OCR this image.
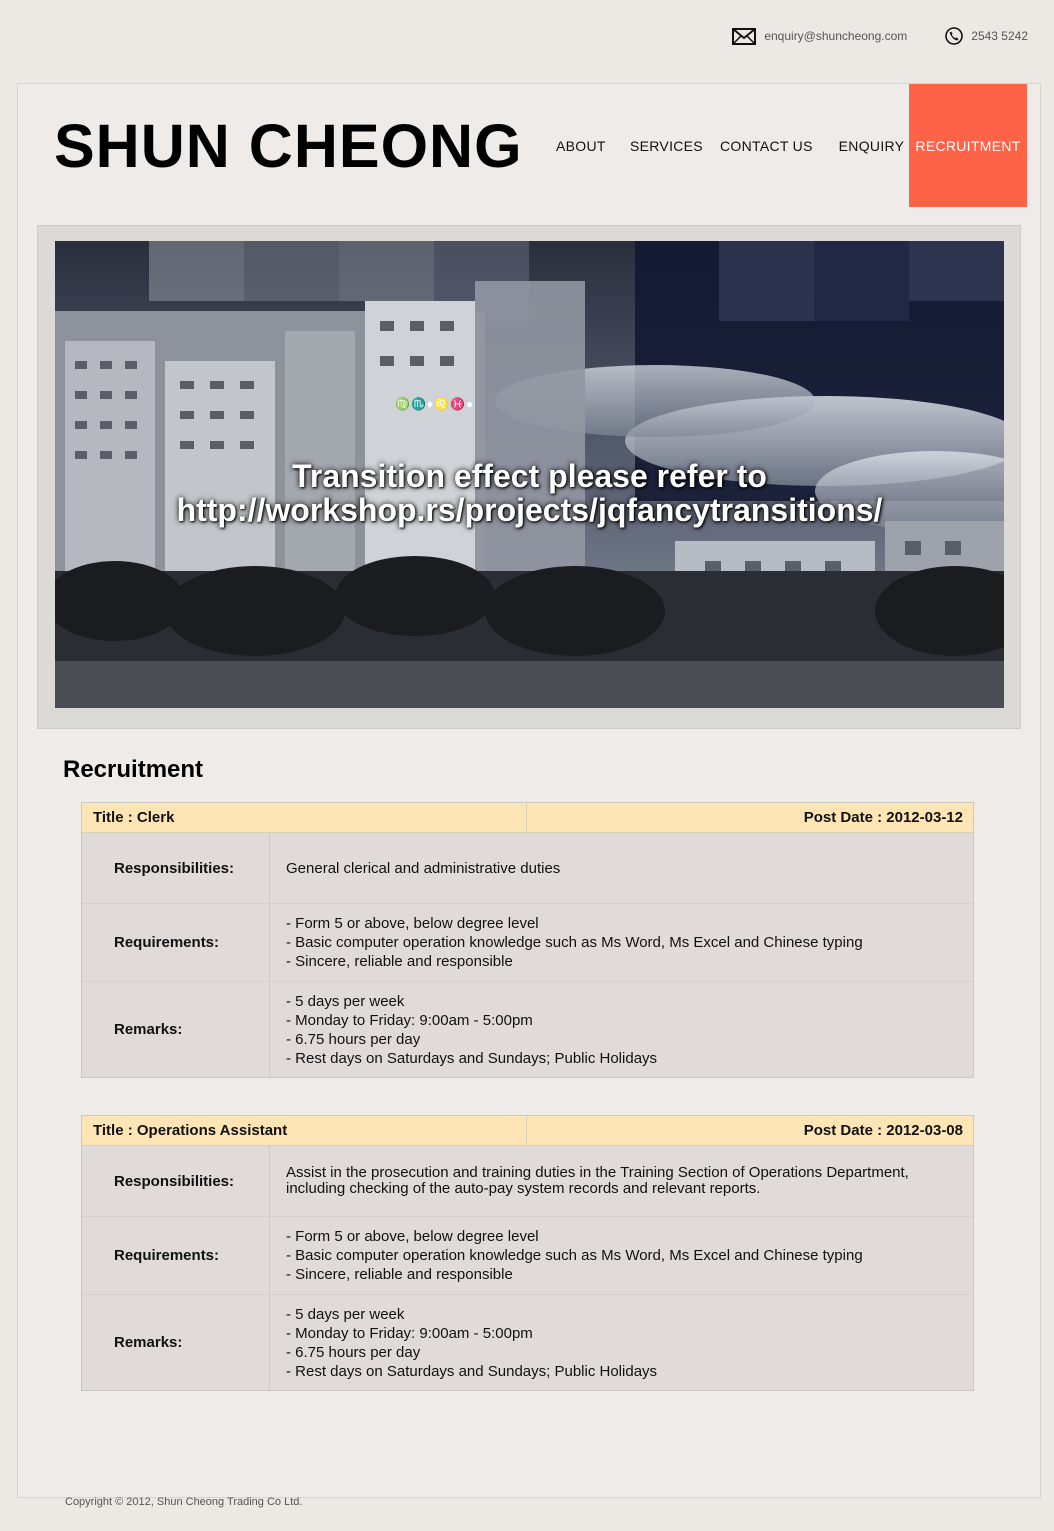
enquiry@shuncheong.com	2543 5242
SHUN CHEONG ABOUT	SERVICES	CONTACT US	ENQUIRY RECRUITMENT
♍♏♦♌♓●
Transition effect please refer to
http://workshop.rs/projects/jqfancytransitions/
Recruitment
Title : Clerk	Post Date : 2012-03-12
Responsibilities:	General clerical and administrative duties
Requirements:
- Form 5 or above, below degree level
- Basic computer operation knowledge such as Ms Word, Ms Excel and Chinese typing
- Sincere, reliable and responsible
Remarks:
- 5 days per week
- Monday to Friday: 9:00am - 5:00pm
- 6.75 hours per day
- Rest days on Saturdays and Sundays; Public Holidays
Title : Operations Assistant	Post Date : 2012-03-08
Responsibilities:	Assist in the prosecution and training duties in the Training Section of Operations Department, including checking of the auto-pay system records and relevant reports.
Requirements:
- Form 5 or above, below degree level
- Basic computer operation knowledge such as Ms Word, Ms Excel and Chinese typing
- Sincere, reliable and responsible
Remarks:
- 5 days per week
- Monday to Friday: 9:00am - 5:00pm
- 6.75 hours per day
- Rest days on Saturdays and Sundays; Public Holidays
Copyright © 2012, Shun Cheong Trading Co Ltd.
